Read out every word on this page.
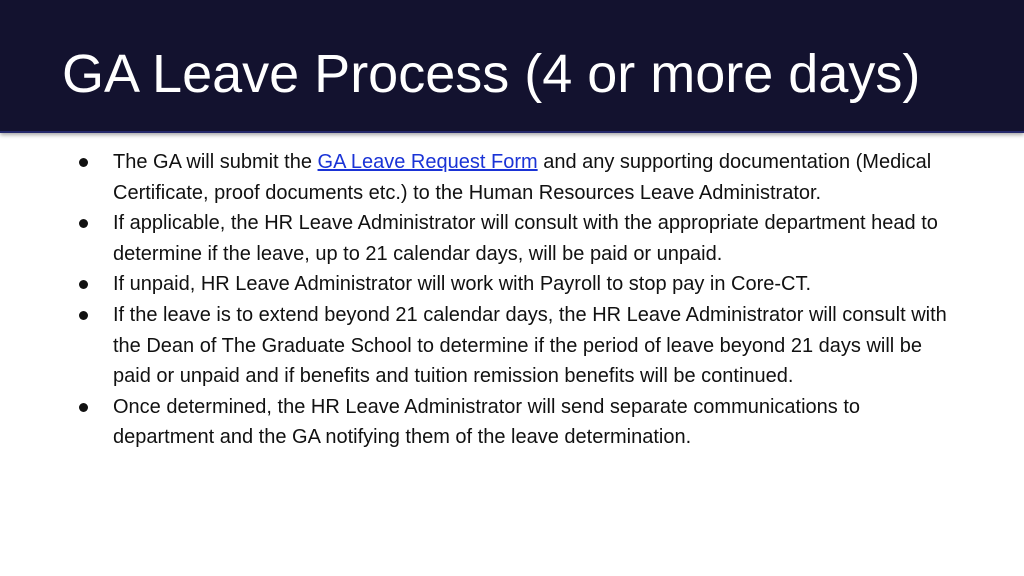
GA Leave Process (4 or more days)
The GA will submit the GA Leave Request Form and any supporting documentation (Medical Certificate, proof documents etc.) to the Human Resources Leave Administrator.
If applicable, the HR Leave Administrator will consult with the appropriate department head to determine if the leave, up to 21 calendar days, will be paid or unpaid.
If unpaid, HR Leave Administrator will work with Payroll to stop pay in Core-CT.
If the leave is to extend beyond 21 calendar days, the HR Leave Administrator will consult with the Dean of The Graduate School to determine if the period of leave beyond 21 days will be paid or unpaid and if benefits and tuition remission benefits will be continued.
Once determined, the HR Leave Administrator will send separate communications to department and the GA notifying them of the leave determination.
